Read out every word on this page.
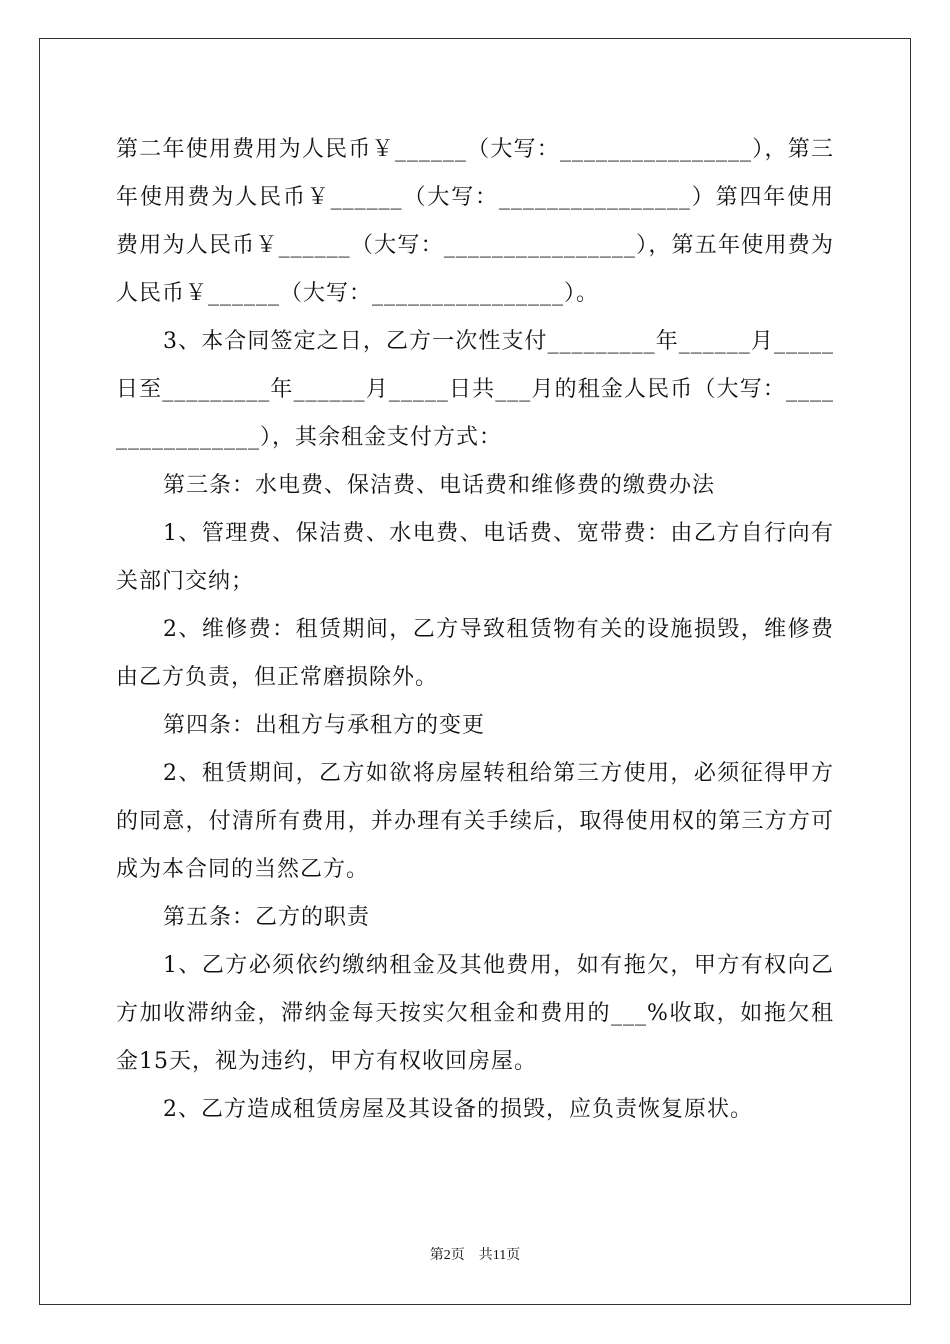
第二年使用费用为人民币￥______（大写：________________），第三年使用费为人民币￥______（大写：________________）第四年使用费用为人民币￥______（大写：________________），第五年使用费为人民币￥______（大写：________________）。

3、本合同签定之日，乙方一次性支付_________年______月_____日至_________年______月_____日共___月的租金人民币（大写：________________），其余租金支付方式：

第三条：水电费、保洁费、电话费和维修费的缴费办法

1、管理费、保洁费、水电费、电话费、宽带费：由乙方自行向有关部门交纳；

2、维修费：租赁期间，乙方导致租赁物有关的设施损毁，维修费由乙方负责，但正常磨损除外。

第四条：出租方与承租方的变更

2、租赁期间，乙方如欲将房屋转租给第三方使用，必须征得甲方的同意，付清所有费用，并办理有关手续后，取得使用权的第三方方可成为本合同的当然乙方。

第五条：乙方的职责

1、乙方必须依约缴纳租金及其他费用，如有拖欠，甲方有权向乙方加收滞纳金，滞纳金每天按实欠租金和费用的___%收取，如拖欠租金15天，视为违约，甲方有权收回房屋。

2、乙方造成租赁房屋及其设备的损毁，应负责恢复原状。

第2页　共11页
